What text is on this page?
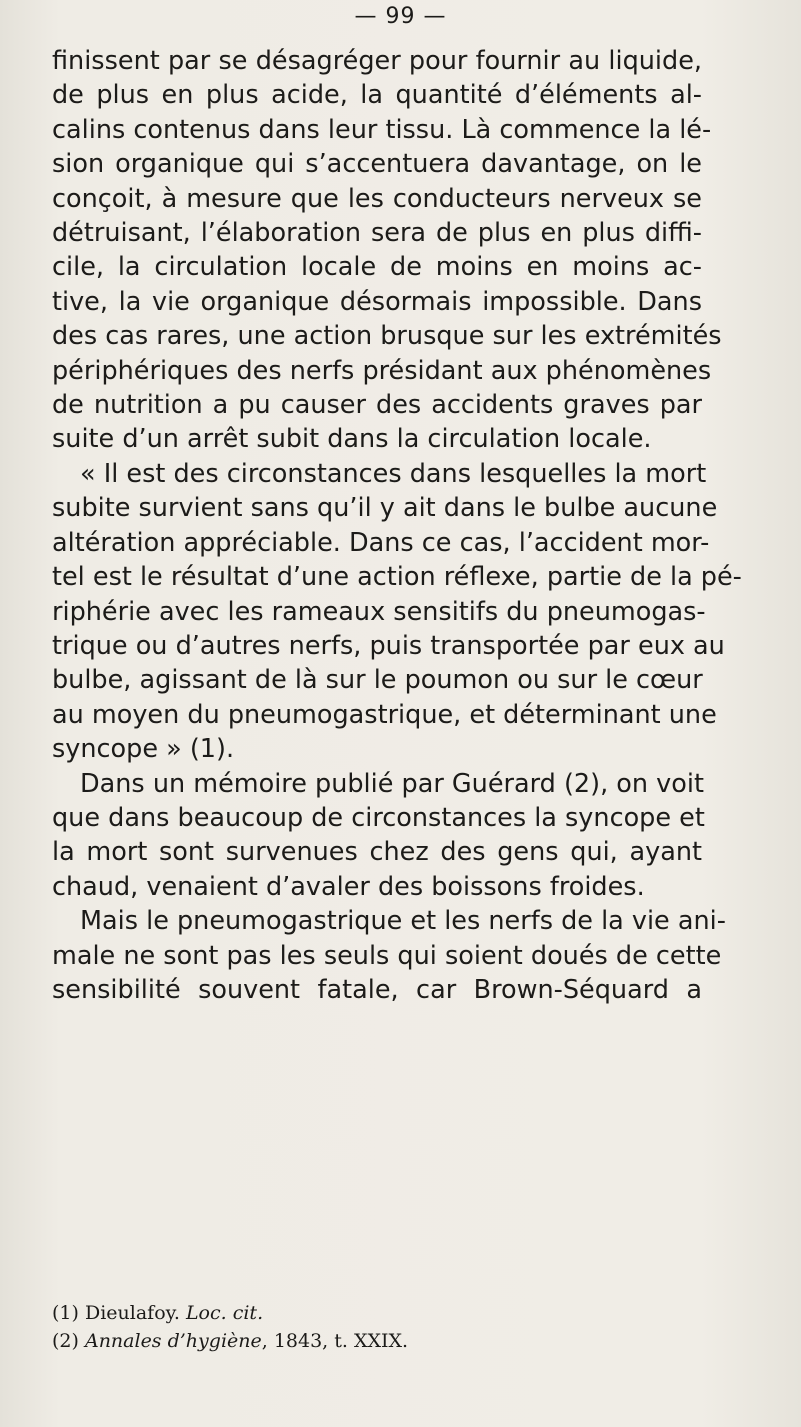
— 99 —
finissent par se désagréger pour fournir au liquide,
de plus en plus acide, la quantité d’éléments al-
calins contenus dans leur tissu. Là commence la lé-
sion organique qui s’accentuera davantage, on le
conçoit, à mesure que les conducteurs nerveux se
détruisant, l’élaboration sera de plus en plus diffi-
cile, la circulation locale de moins en moins ac-
tive, la vie organique désormais impossible. Dans
des cas rares, une action brusque sur les extrémités
périphériques des nerfs présidant aux phénomènes
de nutrition a pu causer des accidents graves par
suite d’un arrêt subit dans la circulation locale.
« Il est des circonstances dans lesquelles la mort
subite survient sans qu’il y ait dans le bulbe aucune
altération appréciable. Dans ce cas, l’accident mor-
tel est le résultat d’une action réflexe, partie de la pé-
riphérie avec les rameaux sensitifs du pneumogas-
trique ou d’autres nerfs, puis transportée par eux au
bulbe, agissant de là sur le poumon ou sur le cœur
au moyen du pneumogastrique, et déterminant une
syncope » (1).
Dans un mémoire publié par Guérard (2), on voit
que dans beaucoup de circonstances la syncope et
la mort sont survenues chez des gens qui, ayant
chaud, venaient d’avaler des boissons froides.
Mais le pneumogastrique et les nerfs de la vie ani-
male ne sont pas les seuls qui soient doués de cette
sensibilité souvent fatale, car Brown-Séquard a
(1) Dieulafoy. Loc. cit.
(2) Annales d’hygiène, 1843, t. XXIX.
